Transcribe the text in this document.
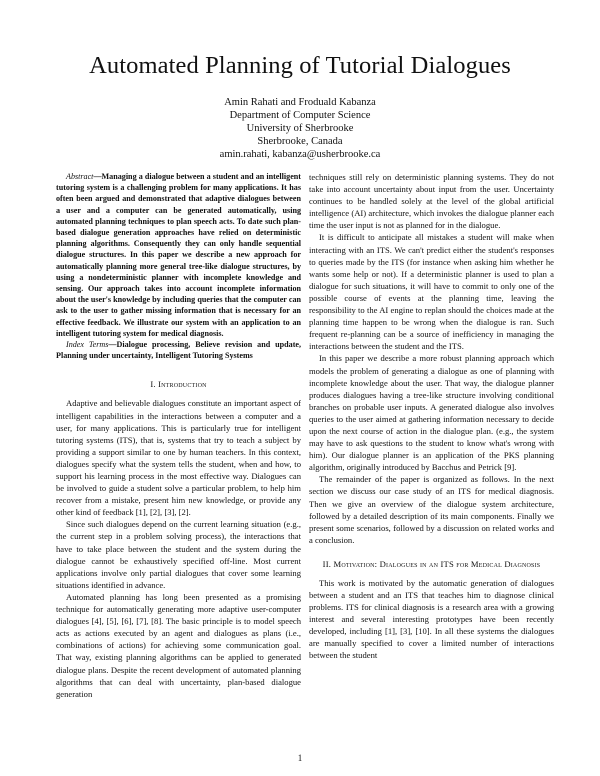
Automated Planning of Tutorial Dialogues
Amin Rahati and Froduald Kabanza
Department of Computer Science
University of Sherbrooke
Sherbrooke, Canada
amin.rahati, kabanza@usherbrooke.ca

Abstract—Managing a dialogue between a student and an intelligent tutoring system is a challenging problem for many applications. It has often been argued and demonstrated that adaptive dialogues between a user and a computer can be generated automatically, using automated planning techniques to plan speech acts. To date such plan-based dialogue generation approaches have relied on deterministic planning algorithms. Consequently they can only handle sequential dialogue structures. In this paper we describe a new approach for automatically planning more general tree-like dialogue structures, by using a nondeterministic planner with incomplete knowledge and sensing. Our approach takes into account incomplete information about the user's knowledge by including queries that the computer can ask to the user to gather missing information that is necessary for an effective feedback. We illustrate our system with an application to an intelligent tutoring system for medical diagnosis.

Index Terms—Dialogue processing, Believe revision and update, Planning under uncertainty, Intelligent Tutoring Systems

I. Introduction

Adaptive and believable dialogues constitute an important aspect of intelligent capabilities in the interactions between a computer and a user, for many applications. This is particularly true for intelligent tutoring systems (ITS), that is, systems that try to teach a subject by providing a support similar to one by human teachers. In this context, dialogues specify what the system tells the student, when and how, to support his learning process in the most effective way. Dialogues can be involved to guide a student solve a particular problem, to help him recover from a mistake, present him new knowledge, or provide any other kind of feedback [1], [2], [3], [2].

Since such dialogues depend on the current learning situation (e.g., the current step in a problem solving process), the interactions that have to take place between the student and the system during the dialogue cannot be exhaustively specified off-line. Most current applications involve only partial dialogues that cover some learning situations identified in advance.

Automated planning has long been presented as a promising technique for automatically generating more adaptive user-computer dialogues [4], [5], [6], [7], [8]. The basic principle is to model speech acts as actions executed by an agent and dialogues as plans (i.e., combinations of actions) for achieving some communication goal. That way, existing planning algorithms can be applied to generated dialogue plans. Despite the recent development of automated planning algorithms that can deal with uncertainty, plan-based dialogue generation

techniques still rely on deterministic planning systems. They do not take into account uncertainty about input from the user. Uncertainty continues to be handled solely at the level of the global artificial intelligence (AI) architecture, which invokes the dialogue planner each time the user input is not as planned for in the dialogue.

It is difficult to anticipate all mistakes a student will make when interacting with an ITS. We can't predict either the student's responses to queries made by the ITS (for instance when asking him whether he wants some help or not). If a deterministic planner is used to plan a dialogue for such situations, it will have to commit to only one of the possible course of events at the planning time, leaving the responsibility to the AI engine to replan should the choices made at the planning time happen to be wrong when the dialogue is ran. Such frequent re-planning can be a source of inefficiency in managing the interactions between the student and the ITS.

In this paper we describe a more robust planning approach which models the problem of generating a dialogue as one of planning with incomplete knowledge about the user. That way, the dialogue planner produces dialogues having a tree-like structure involving conditional branches on probable user inputs. A generated dialogue also involves queries to the user aimed at gathering information necessary to decide upon the next course of action in the dialogue plan. (e.g., the system may have to ask questions to the student to know what's wrong with him). Our dialogue planner is an application of the PKS planning algorithm, originally introduced by Bacchus and Petrick [9].

The remainder of the paper is organized as follows. In the next section we discuss our case study of an ITS for medical diagnosis. Then we give an overview of the dialogue system architecture, followed by a detailed description of its main components. Finally we present some scenarios, followed by a discussion on related works and a conclusion.

II. Motivation: Dialogues in an ITS for Medical Diagnosis

This work is motivated by the automatic generation of dialogues between a student and an ITS that teaches him to diagnose clinical problems. ITS for clinical diagnosis is a research area with a growing interest and several interesting prototypes have been recently developed, including [1], [3], [10]. In all these systems the dialogues are manually specified to cover a limited number of interactions between the student

1
